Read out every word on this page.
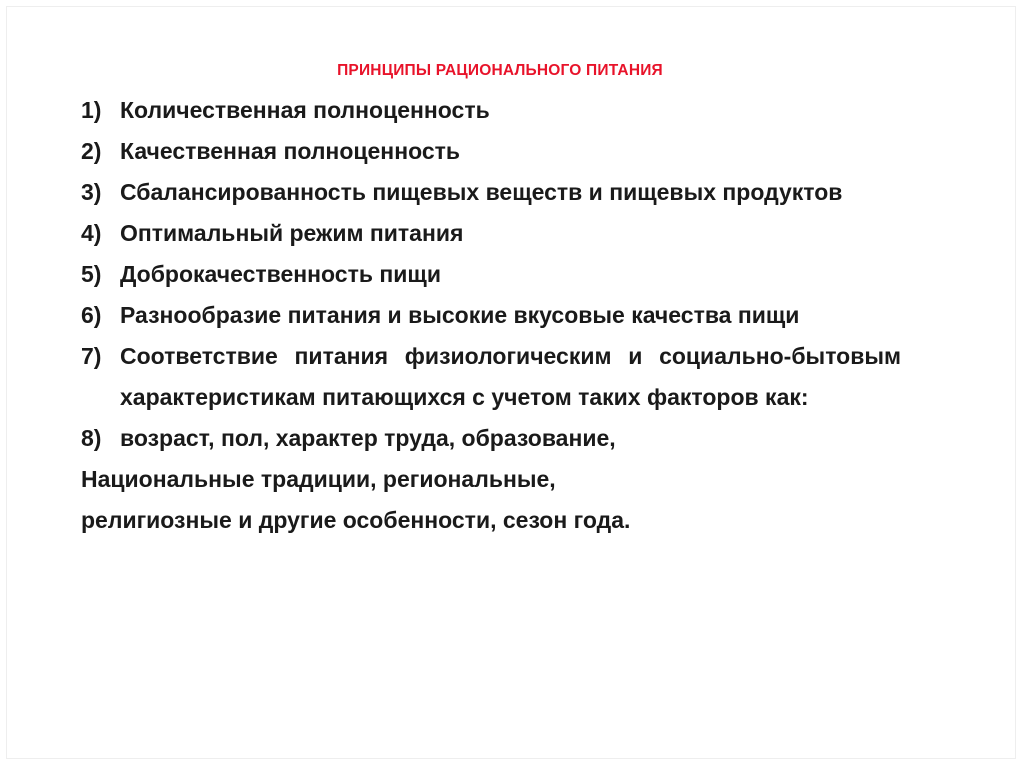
ПРИНЦИПЫ РАЦИОНАЛЬНОГО ПИТАНИЯ
1) Количественная полноценность
2) Качественная полноценность
3) Сбалансированность пищевых веществ и пищевых продуктов
4) Оптимальный режим питания
5) Доброкачественность пищи
6) Разнообразие питания и высокие вкусовые качества пищи
7) Соответствие питания физиологическим и социально-бытовым характеристикам питающихся с учетом таких факторов как:
8) возраст, пол, характер труда, образование,
Национальные традиции, региональные,
религиозные и другие особенности, сезон года.
